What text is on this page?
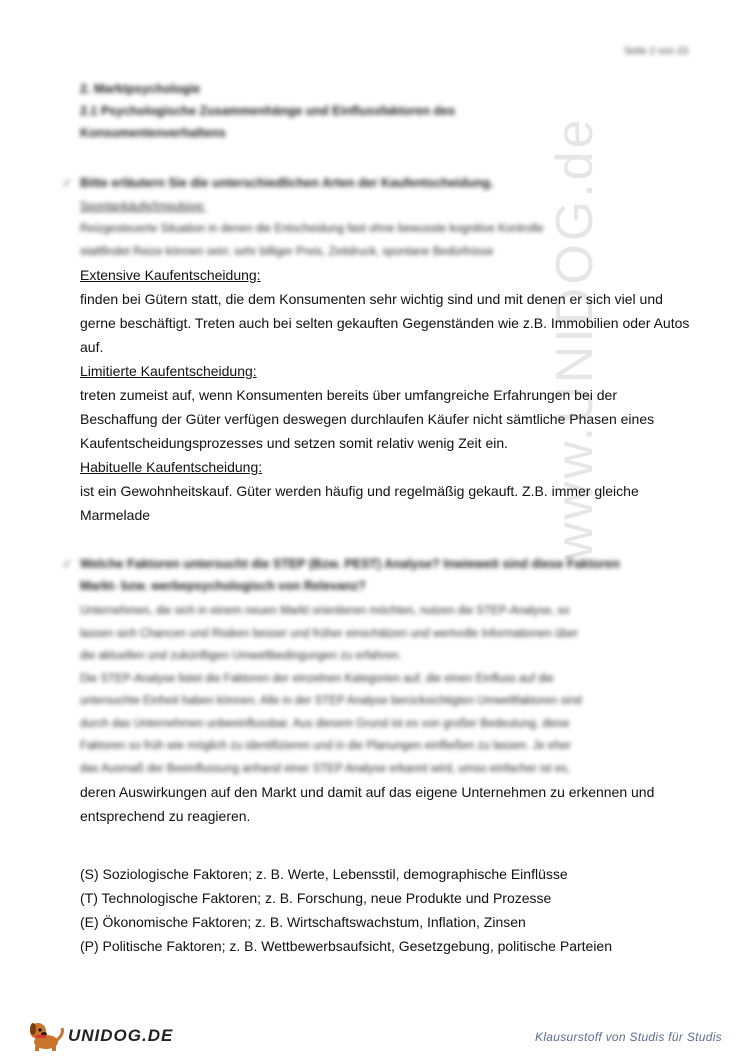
www.UNIDOG.de
Seite 2 von 23
2. Marktpsychologie
2.1 Psychologische Zusammenhänge und Einflussfaktoren des
Konsumentenverhaltens
✓ Bitte erläutern Sie die unterschiedlichen Arten der Kaufentscheidung.
Spontankäufe/Impulsive:
Reizgesteuerte Situation in denen die Entscheidung fast ohne bewusste kognitive Kontrolle
stattfindet Reize können sein: sehr billiger Preis, Zeitdruck, spontane Bedürfnisse

Extensive Kaufentscheidung:

finden bei Gütern statt, die dem Konsumenten sehr wichtig sind und mit denen er sich viel und

gerne beschäftigt. Treten auch bei selten gekauften Gegenständen wie z.B. Immobilien oder Autos

auf.

Limitierte Kaufentscheidung:

treten zumeist auf, wenn Konsumenten bereits über umfangreiche Erfahrungen bei der

Beschaffung der Güter verfügen deswegen durchlaufen Käufer nicht sämtliche Phasen eines

Kaufentscheidungsprozesses und setzen somit relativ wenig Zeit ein.

Habituelle Kaufentscheidung:

ist ein Gewohnheitskauf. Güter werden häufig und regelmäßig gekauft. Z.B. immer gleiche

Marmelade

✓ Welche Faktoren untersucht die STEP (Bzw. PEST) Analyse? Inwieweit sind diese Faktoren
Markt- bzw. werbepsychologisch von Relevanz?
Unternehmen, die sich in einem neuen Markt orientieren möchten, nutzen die STEP-Analyse, so
lassen sich Chancen und Risiken besser und früher einschätzen und wertvolle Informationen über
die aktuellen und zukünftigen Umweltbedingungen zu erfahren.
Die STEP-Analyse listet die Faktoren der einzelnen Kategorien auf, die einen Einfluss auf die
untersuchte Einheit haben können. Alle in der STEP Analyse berücksichtigten Umweltfaktoren sind
durch das Unternehmen unbeeinflussbar. Aus diesem Grund ist es von großer Bedeutung, diese
Faktoren so früh wie möglich zu identifizieren und in die Planungen einfließen zu lassen. Je eher
das Ausmaß der Beeinflussung anhand einer STEP Analyse erkannt wird, umso einfacher ist es,

deren Auswirkungen auf den Markt und damit auf das eigene Unternehmen zu erkennen und

entsprechend zu reagieren.

(S) Soziologische Faktoren; z. B. Werte, Lebensstil, demographische Einflüsse

(T) Technologische Faktoren; z. B. Forschung, neue Produkte und Prozesse

(E) Ökonomische Faktoren; z. B. Wirtschaftswachstum, Inflation, Zinsen

(P) Politische Faktoren; z. B. Wettbewerbsaufsicht, Gesetzgebung, politische Parteien

UNIDOG.DE	Klausurstoff von Studis für Studis
